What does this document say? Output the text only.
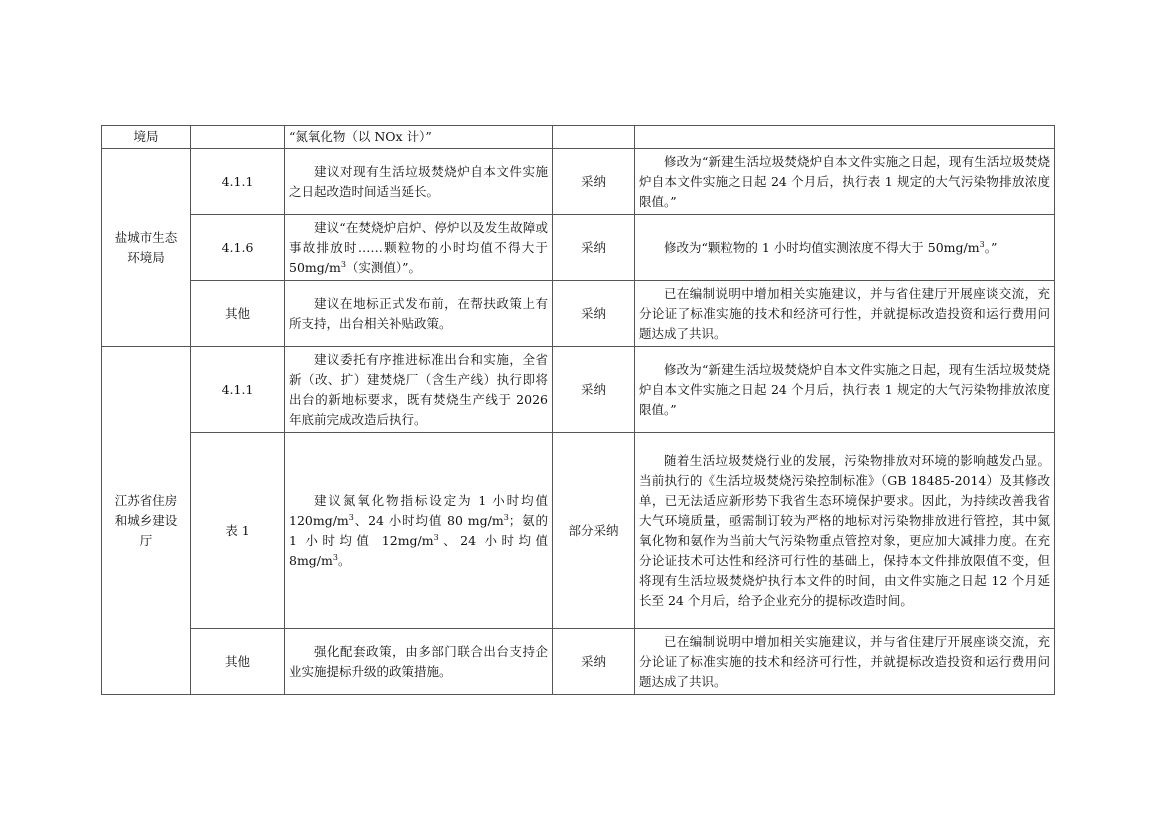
境局		“氮氧化物（以 NOx 计）”		
盐城市生态环境局	4.1.1	建议对现有生活垃圾焚烧炉自本文件实施之日起改造时间适当延长。	采纳	修改为“新建生活垃圾焚烧炉自本文件实施之日起，现有生活垃圾焚烧炉自本文件实施之日起 24 个月后，执行表 1 规定的大气污染物排放浓度限值。”
	4.1.6	建议“在焚烧炉启炉、停炉以及发生故障或事故排放时……颗粒物的小时均值不得大于 $50mg/m^3$（实测值）”。	采纳	修改为“颗粒物的 1 小时均值实测浓度不得大于 $50mg/m^3$。”
	其他	建议在地标正式发布前，在帮扶政策上有所支持，出台相关补贴政策。	采纳	已在编制说明中增加相关实施建议，并与省住建厅开展座谈交流，充分论证了标准实施的技术和经济可行性，并就提标改造投资和运行费用问题达成了共识。
江苏省住房和城乡建设厅	4.1.1	建议委托有序推进标准出台和实施，全省新（改、扩）建焚烧厂（含生产线）执行即将出台的新地标要求，既有焚烧生产线于 2026 年底前完成改造后执行。	采纳	修改为“新建生活垃圾焚烧炉自本文件实施之日起，现有生活垃圾焚烧炉自本文件实施之日起 24 个月后，执行表 1 规定的大气污染物排放浓度限值。”
	表 1	建议氮氧化物指标设定为 1 小时均值 $120mg/m^3$、24 小时均值 80 $mg/m^3$；氨的 1 小时均值 $12mg/m^3$、24 小时均值 $8mg/m^3$。	部分采纳	随着生活垃圾焚烧行业的发展，污染物排放对环境的影响越发凸显。当前执行的《生活垃圾焚烧污染控制标准》（GB 18485-2014）及其修改单，已无法适应新形势下我省生态环境保护要求。因此，为持续改善我省大气环境质量，亟需制订较为严格的地标对污染物排放进行管控，其中氮氧化物和氨作为当前大气污染物重点管控对象，更应加大减排力度。在充分论证技术可达性和经济可行性的基础上，保持本文件排放限值不变，但将现有生活垃圾焚烧炉执行本文件的时间，由文件实施之日起 12 个月延长至 24 个月后，给予企业充分的提标改造时间。
	其他	强化配套政策，由多部门联合出台支持企业实施提标升级的政策措施。	采纳	已在编制说明中增加相关实施建议，并与省住建厅开展座谈交流，充分论证了标准实施的技术和经济可行性，并就提标改造投资和运行费用问题达成了共识。
